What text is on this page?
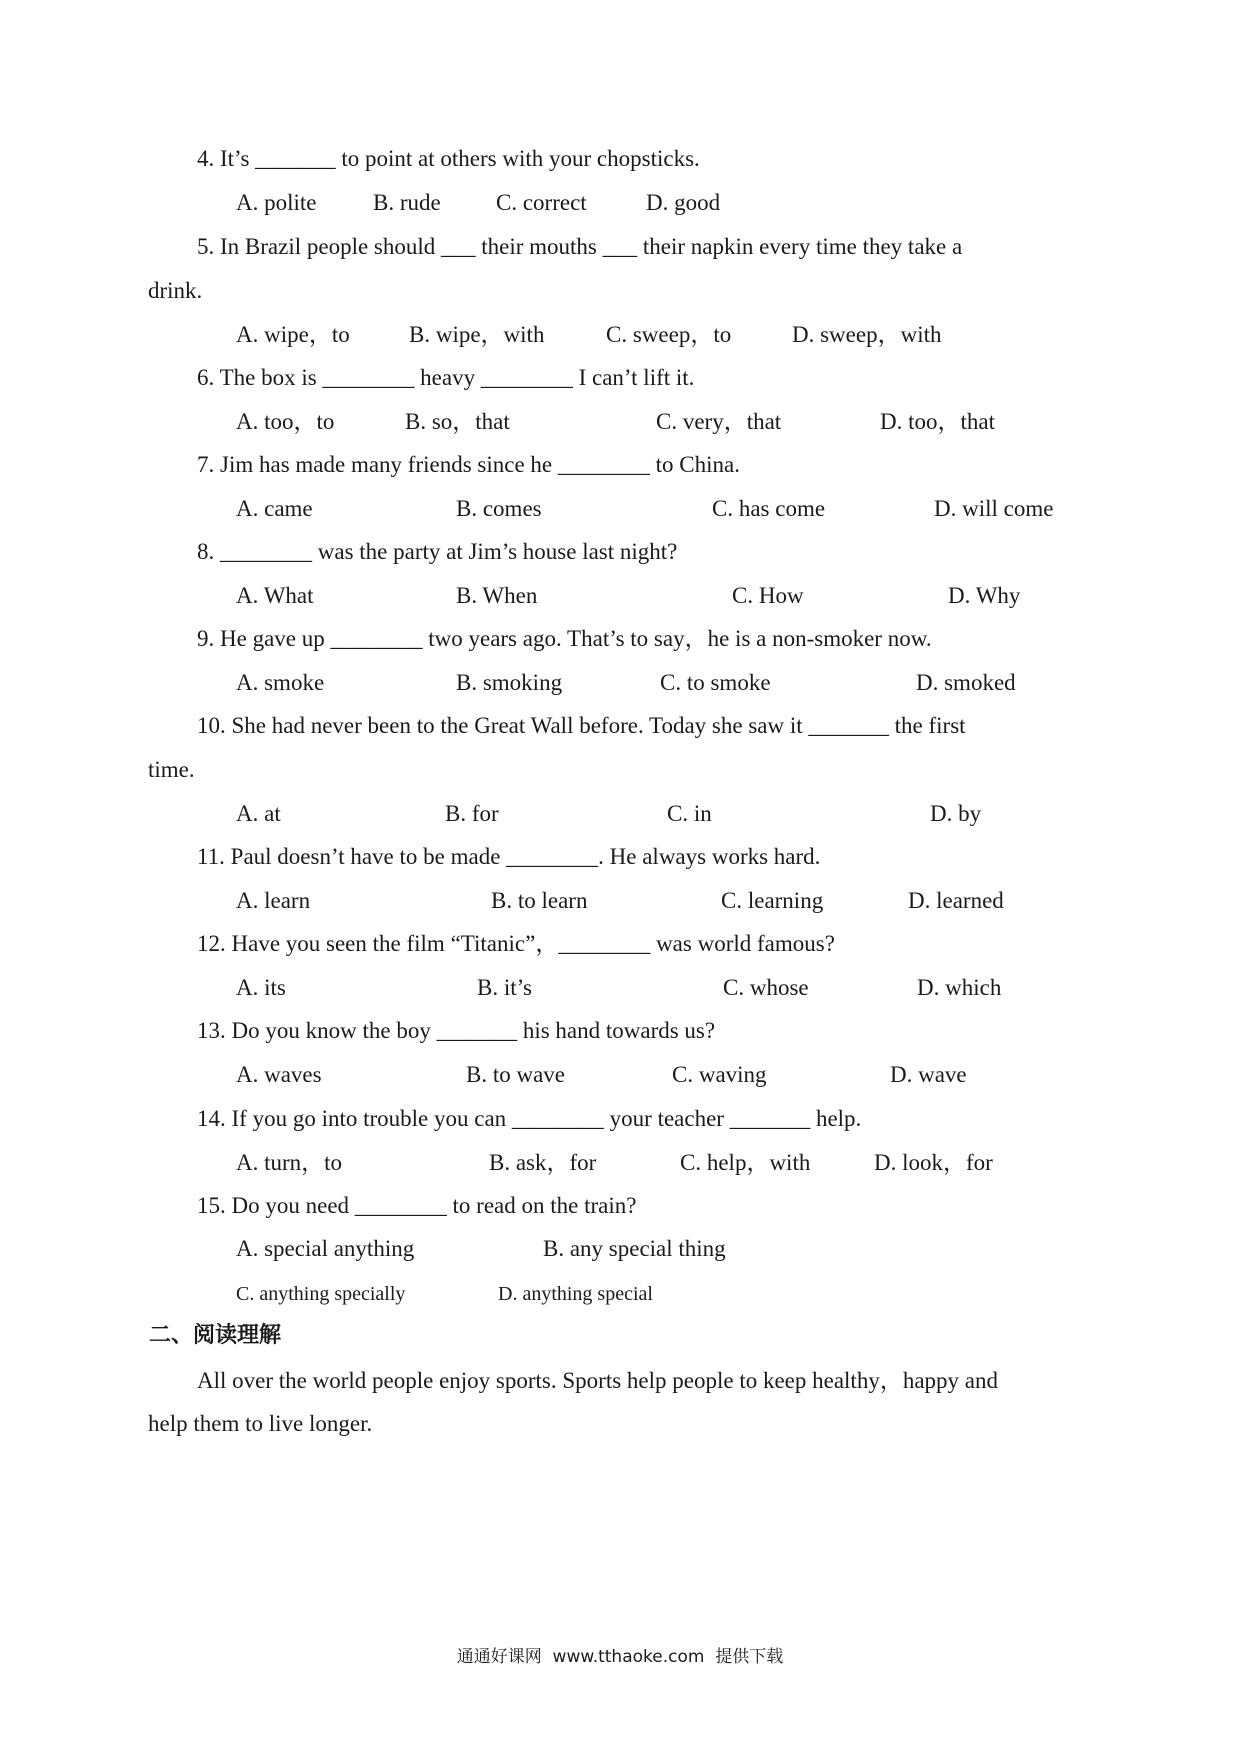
4. It’s _______ to point at others with your chopsticks.
A. polite B. rude C. correct	D. good
5. In Brazil people should ___ their mouths ___ their napkin every time they take a
drink.
A. wipe，to	B. wipe，with	C. sweep，to	D. sweep，with
6. The box is ________ heavy ________ I can’t lift it.
A. too，to	B. so，that	C. very，that	D. too，that
7. Jim has made many friends since he ________ to China.
A. came	B. comes	C. has come	D. will come
8. ________ was the party at Jim’s house last night?
A. What	B. When	C. How	D. Why
9. He gave up ________ two years ago. That’s to say，he is a non-smoker now.
A. smoke	B. smoking	C. to smoke	D. smoked
10. She had never been to the Great Wall before. Today she saw it _______ the first
time.
A. at	B. for	C. in	D. by
11. Paul doesn’t have to be made ________. He always works hard.
A. learn	B. to learn	C. learning	D. learned
12. Have you seen the film “Titanic”，________ was world famous?
A. its	B. it’s	C. whose	D. which
13. Do you know the boy _______ his hand towards us?
A. waves	B. to wave	C. waving	D. wave
14. If you go into trouble you can ________ your teacher _______ help.
A. turn，to	B. ask，for	C. help，with	D. look，for
15. Do you need ________ to read on the train?
A. special anything	B. any special thing
C. anything specially	D. anything special
二、阅读理解
All over the world people enjoy sports. Sports help people to keep healthy，happy and
help them to live longer.
通通好课网  www.tthaoke.com  提供下载
